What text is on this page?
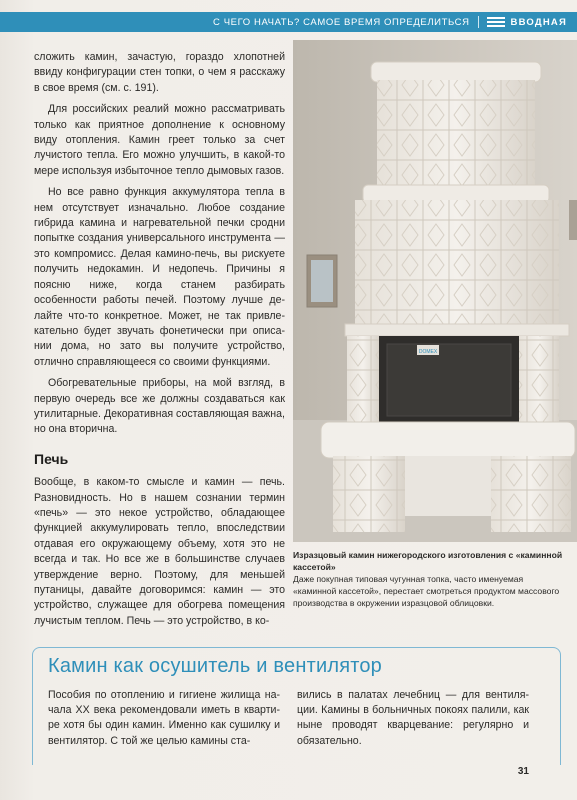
С ЧЕГО НАЧАТЬ? САМОЕ ВРЕМЯ ОПРЕДЕЛИТЬСЯ	ВВОДНАЯ

сложить камин, зачастую, гораздо хлопотней ввиду конфигурации стен топки, о чем я расскажу в свое время (см. с. 191).

Для российских реалий можно рассматривать только как приятное дополнение к основному виду отопления. Камин греет только за счет лучистого тепла. Его можно улучшить, в какой-то мере используя избыточное тепло дымовых газов.

Но все равно функция аккумулятора тепла в нем отсутствует изначально. Любое создание гибрида камина и нагревательной печки сродни попытке создания универсального инструмента — это компромисс. Делая камино-печь, вы рискуете получить недокамин. И недопечь. Причины я поясню ниже, когда станем разбирать особенности работы печей. Поэтому лучше делайте что-то конкретное. Может, не так привлекательно будет звучать фонетически при описании дома, но зато вы получите устройство, отлично справляющееся со своими функциями.

Обогревательные приборы, на мой взгляд, в первую очередь все же должны создаваться как утилитарные. Декоративная составляющая важна, но она вторична.

Печь

Вообще, в каком-то смысле и камин — печь. Разновидность. Но в нашем сознании термин «печь» — это некое устройство, обладающее функцией аккумулировать тепло, впоследствии отдавая его окружающему объему, хотя это не всегда и так. Но все же в большинстве случаев утверждение верно. Поэтому, для меньшей путаницы, давайте договоримся: камин — это устройство, служащее для обогрева помещения лучистым теплом. Печь — это устройство, в ко-

DOMEX
Изразцовый камин нижегородского изготовления с «каминной кассетой»
Даже покупная типовая чугунная топка, часто именуемая «каминной кассетой», перестает смотреться продуктом массового производства в окружении изразцовой облицовки.
Камин как осушитель и вентилятор
Пособия по отоплению и гигиене жилища начала XX века рекомендовали иметь в квартире хотя бы один камин. Именно как сушилку и вентилятор. С той же целью камины ста-
вились в палатах лечебниц — для вентиляции. Камины в больничных покоях палили, как ныне проводят кварцевание: регулярно и обязательно.
31
